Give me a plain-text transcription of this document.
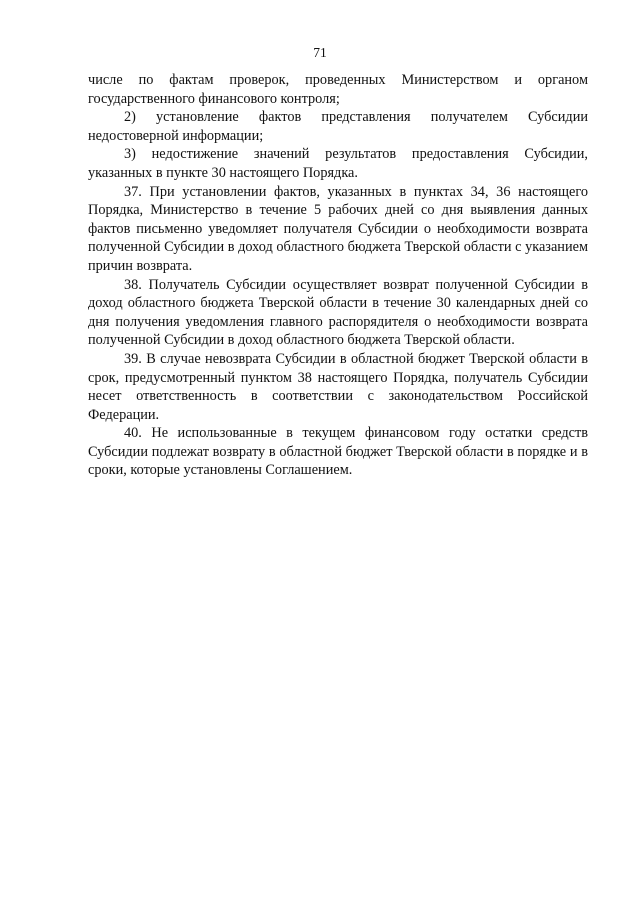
71

числе по фактам проверок, проведенных Министерством и органом государственного финансового контроля;

2) установление фактов представления получателем Субсидии недостоверной информации;

3) недостижение значений результатов предоставления Субсидии, указанных в пункте 30 настоящего Порядка.

37. При установлении фактов, указанных в пунктах 34, 36 настоящего Порядка, Министерство в течение 5 рабочих дней со дня выявления данных фактов письменно уведомляет получателя Субсидии о необходимости возврата полученной Субсидии в доход областного бюджета Тверской области с указанием причин возврата.

38. Получатель Субсидии осуществляет возврат полученной Субсидии в доход областного бюджета Тверской области в течение 30 календарных дней со дня получения уведомления главного распорядителя о необходимости возврата полученной Субсидии в доход областного бюджета Тверской области.

39. В случае невозврата Субсидии в областной бюджет Тверской области в срок, предусмотренный пунктом 38 настоящего Порядка, получатель Субсидии несет ответственность в соответствии с законодательством Российской Федерации.

40. Не использованные в текущем финансовом году остатки средств Субсидии подлежат возврату в областной бюджет Тверской области в порядке и в сроки, которые установлены Соглашением.
